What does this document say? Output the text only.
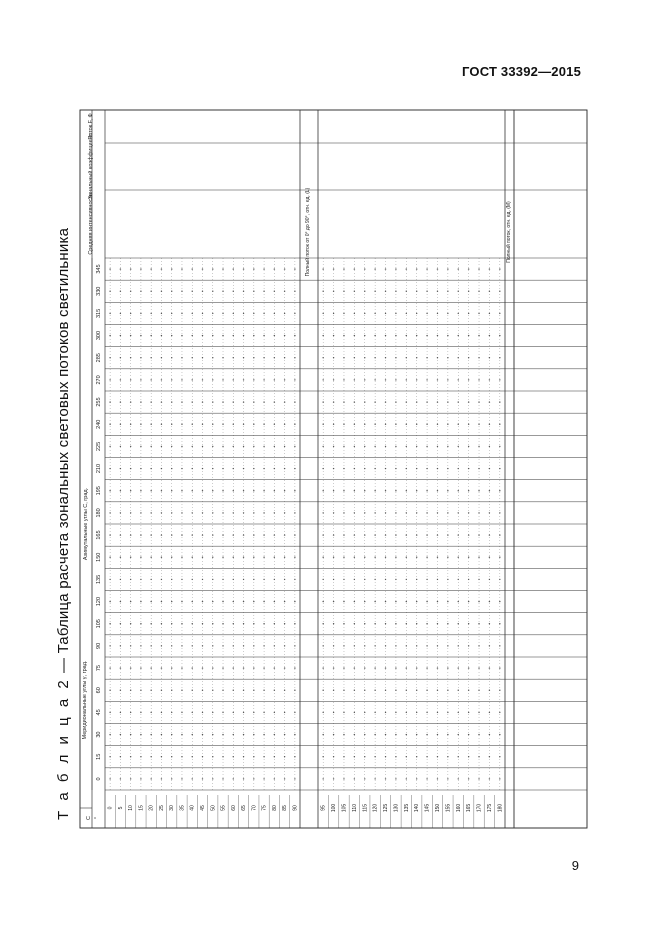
ГОСТ 33392—2015
Т а б л и ц а 2 — Таблица расчета зональных световых потоков светильника Азимутальные углы C, град.
0
15
30
45
60
75
90
105
120
135
150
165
180
195
210
225
240
255
270
285
300
315
330
345
Средняя интенсивность
Зональный коэффициент
Поток F, Ф
C °
Меридиональные углы γ, град.
0 5 10 15 20 25 30 35 40 45 50 55 60 65 70 75 80 85 90	95 100 105 110 115 120 125 130 135 140 145 150 155 160 165 170 175 180
Полный поток от 0° до 90°, отн. ед. (L)	Полный поток, отн. ед. (M)
9
